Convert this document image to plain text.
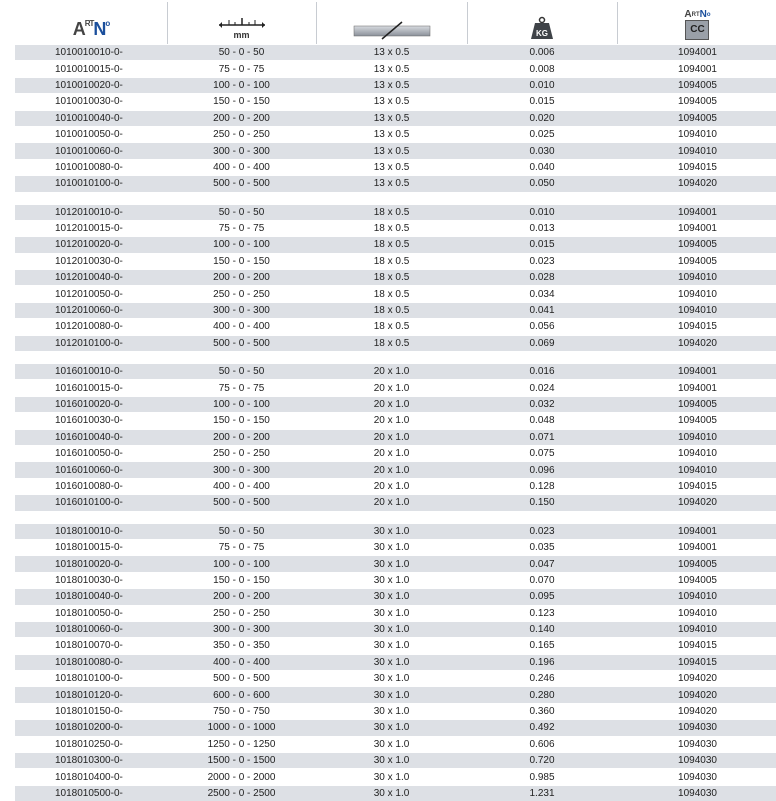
$A^{RT}N^o$	mm		KG	$A^{RT}N^o$
CC

1010010010-0-	50 - 0 - 50	13 x 0.5	0.006	1094001
1010010015-0-	75 - 0 - 75	13 x 0.5	0.008	1094001
1010010020-0-	100 - 0 - 100	13 x 0.5	0.010	1094005
1010010030-0-	150 - 0 - 150	13 x 0.5	0.015	1094005
1010010040-0-	200 - 0 - 200	13 x 0.5	0.020	1094005
1010010050-0-	250 - 0 - 250	13 x 0.5	0.025	1094010
1010010060-0-	300 - 0 - 300	13 x 0.5	0.030	1094010
1010010080-0-	400 - 0 - 400	13 x 0.5	0.040	1094015
1010010100-0-	500 - 0 - 500	13 x 0.5	0.050	1094020

1012010010-0-	50 - 0 - 50	18 x 0.5	0.010	1094001
1012010015-0-	75 - 0 - 75	18 x 0.5	0.013	1094001
1012010020-0-	100 - 0 - 100	18 x 0.5	0.015	1094005
1012010030-0-	150 - 0 - 150	18 x 0.5	0.023	1094005
1012010040-0-	200 - 0 - 200	18 x 0.5	0.028	1094010
1012010050-0-	250 - 0 - 250	18 x 0.5	0.034	1094010
1012010060-0-	300 - 0 - 300	18 x 0.5	0.041	1094010
1012010080-0-	400 - 0 - 400	18 x 0.5	0.056	1094015
1012010100-0-	500 - 0 - 500	18 x 0.5	0.069	1094020

1016010010-0-	50 - 0 - 50	20 x 1.0	0.016	1094001
1016010015-0-	75 - 0 - 75	20 x 1.0	0.024	1094001
1016010020-0-	100 - 0 - 100	20 x 1.0	0.032	1094005
1016010030-0-	150 - 0 - 150	20 x 1.0	0.048	1094005
1016010040-0-	200 - 0 - 200	20 x 1.0	0.071	1094010
1016010050-0-	250 - 0 - 250	20 x 1.0	0.075	1094010
1016010060-0-	300 - 0 - 300	20 x 1.0	0.096	1094010
1016010080-0-	400 - 0 - 400	20 x 1.0	0.128	1094015
1016010100-0-	500 - 0 - 500	20 x 1.0	0.150	1094020

1018010010-0-	50 - 0 - 50	30 x 1.0	0.023	1094001
1018010015-0-	75 - 0 - 75	30 x 1.0	0.035	1094001
1018010020-0-	100 - 0 - 100	30 x 1.0	0.047	1094005
1018010030-0-	150 - 0 - 150	30 x 1.0	0.070	1094005
1018010040-0-	200 - 0 - 200	30 x 1.0	0.095	1094010
1018010050-0-	250 - 0 - 250	30 x 1.0	0.123	1094010
1018010060-0-	300 - 0 - 300	30 x 1.0	0.140	1094010
1018010070-0-	350 - 0 - 350	30 x 1.0	0.165	1094015
1018010080-0-	400 - 0 - 400	30 x 1.0	0.196	1094015
1018010100-0-	500 - 0 - 500	30 x 1.0	0.246	1094020
1018010120-0-	600 - 0 - 600	30 x 1.0	0.280	1094020
1018010150-0-	750 - 0 - 750	30 x 1.0	0.360	1094020
1018010200-0-	1000 - 0 - 1000	30 x 1.0	0.492	1094030
1018010250-0-	1250 - 0 - 1250	30 x 1.0	0.606	1094030
1018010300-0-	1500 - 0 - 1500	30 x 1.0	0.720	1094030
1018010400-0-	2000 - 0 - 2000	30 x 1.0	0.985	1094030
1018010500-0-	2500 - 0 - 2500	30 x 1.0	1.231	1094030
